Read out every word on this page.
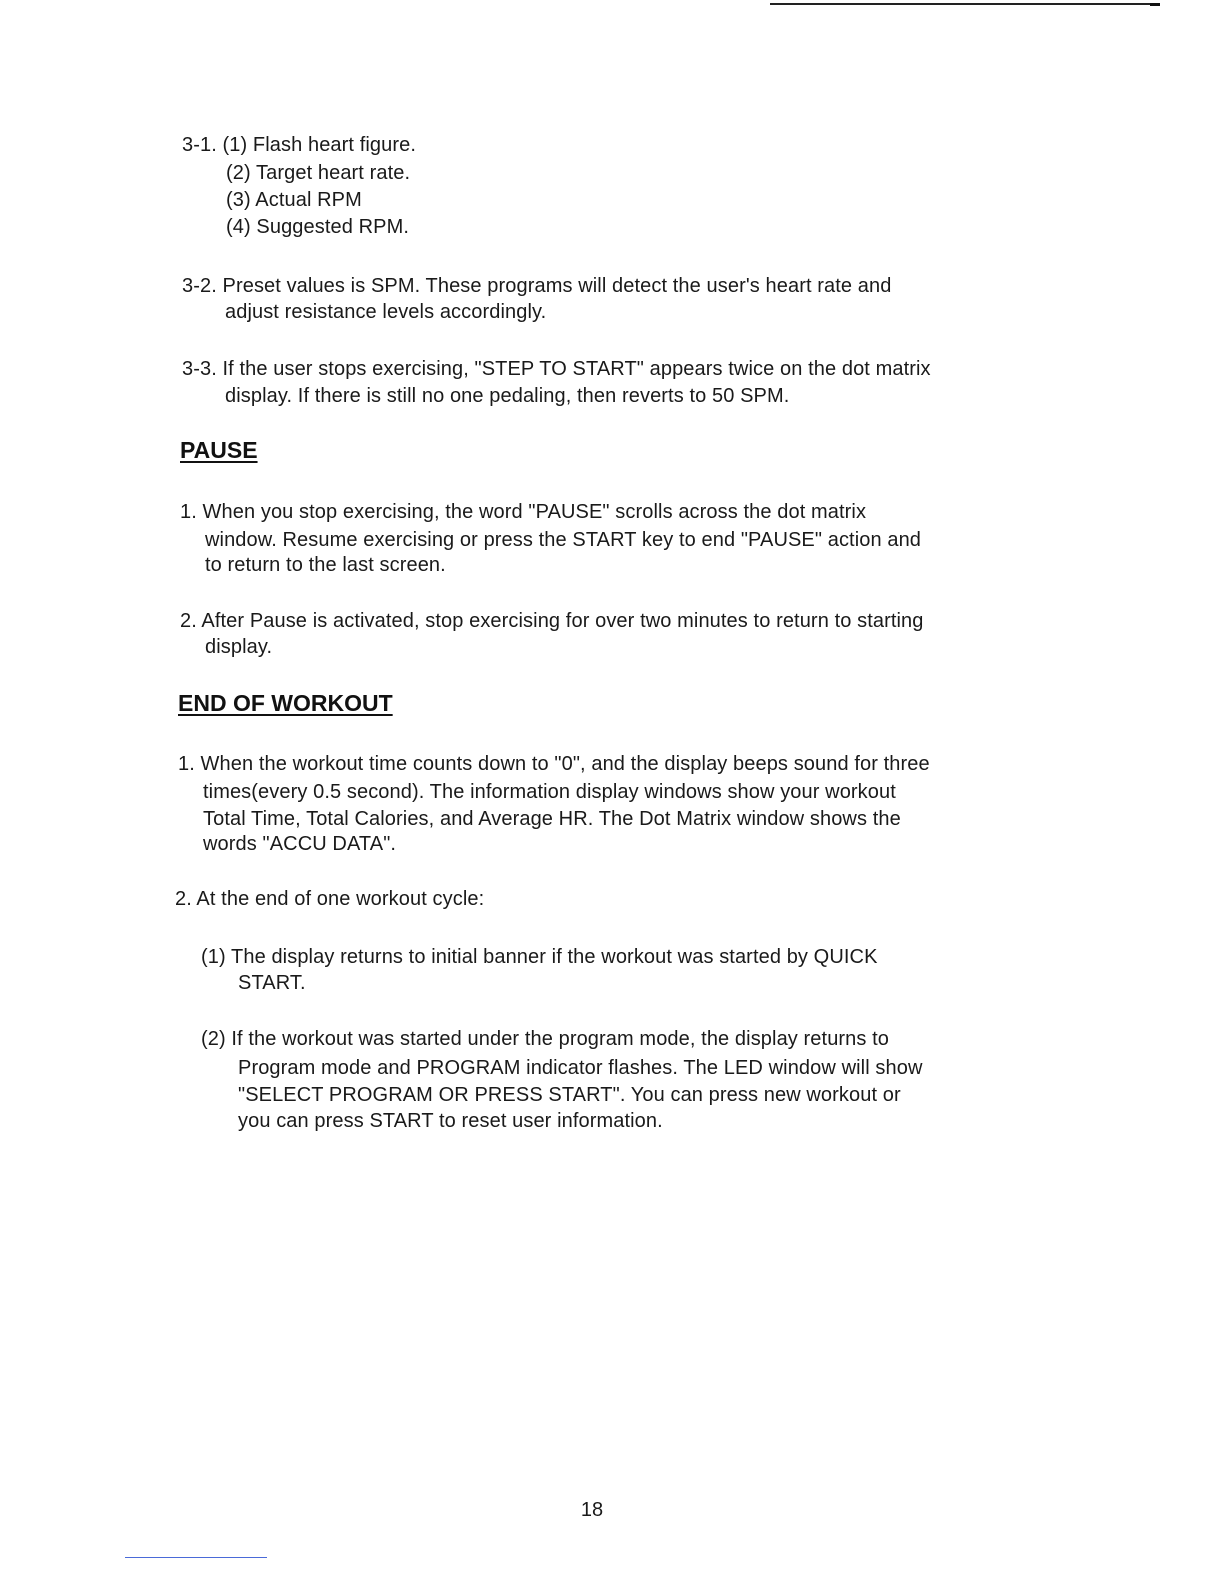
3-1. (1) Flash heart figure.
(2) Target heart rate.
(3) Actual RPM
(4) Suggested RPM.
3-2. Preset values is SPM. These programs will detect the user's heart rate and
adjust resistance levels accordingly.
3-3. If the user stops exercising, "STEP TO START" appears twice on the dot matrix
display. If there is still no one pedaling, then reverts to 50 SPM.
PAUSE
1. When you stop exercising, the word "PAUSE" scrolls across the dot matrix
window. Resume exercising or press the START key to end "PAUSE" action and
to return to the last screen.
2. After Pause is activated, stop exercising for over two minutes to return to starting
display.
END OF WORKOUT
1. When the workout time counts down to "0", and the display beeps sound for three
times(every 0.5 second). The information display windows show your workout
Total Time, Total Calories, and Average HR. The Dot Matrix window shows the
words "ACCU DATA".
2. At the end of one workout cycle:
(1) The display returns to initial banner if the workout was started by QUICK
START.
(2) If the workout was started under the program mode, the display returns to
Program mode and PROGRAM indicator flashes. The LED window will show
"SELECT PROGRAM OR PRESS START". You can press new workout or
you can press START to reset user information.
18
